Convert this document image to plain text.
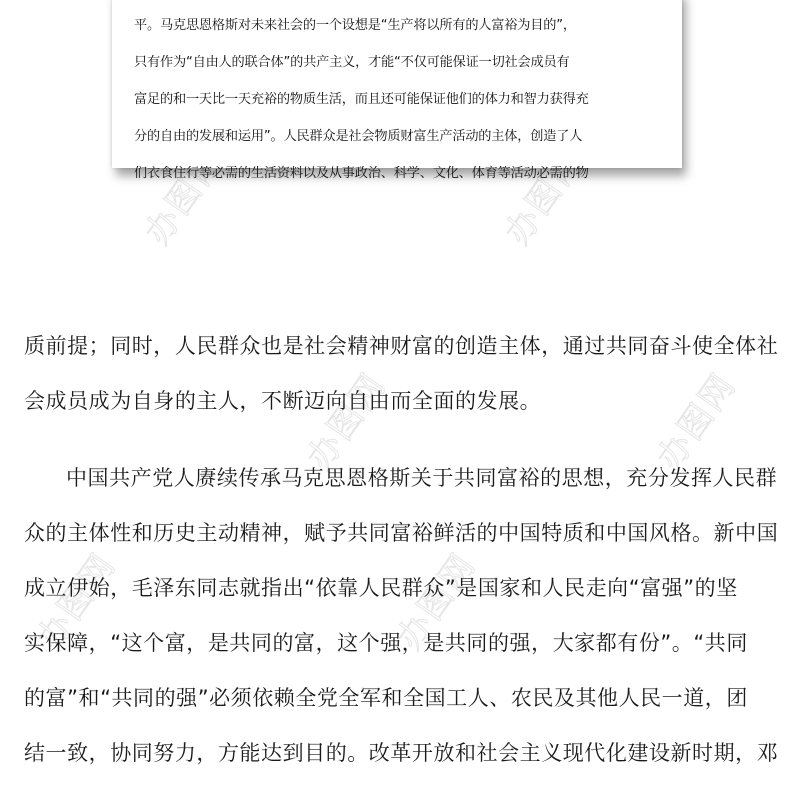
办图网	办图网
办图网
办图网	办图网
办图网
平。马克思恩格斯对未来社会的一个设想是“生产将以所有的人富裕为目的”，
只有作为“自由人的联合体”的共产主义，才能“不仅可能保证一切社会成员有
富足的和一天比一天充裕的物质生活，而且还可能保证他们的体力和智力获得充
分的自由的发展和运用”。人民群众是社会物质财富生产活动的主体，创造了人
们衣食住行等必需的生活资料以及从事政治、科学、文化、体育等活动必需的物
质前提；同时，人民群众也是社会精神财富的创造主体，通过共同奋斗使全体社
会成员成为自身的主人，不断迈向自由而全面的发展。
中国共产党人赓续传承马克思恩格斯关于共同富裕的思想，充分发挥人民群
众的主体性和历史主动精神，赋予共同富裕鲜活的中国特质和中国风格。新中国
成立伊始，毛泽东同志就指出“依靠人民群众”是国家和人民走向“富强”的坚
实保障，“这个富，是共同的富，这个强，是共同的强，大家都有份”。“共同
的富”和“共同的强”必须依赖全党全军和全国工人、农民及其他人民一道，团
结一致，协同努力，方能达到目的。改革开放和社会主义现代化建设新时期，邓
